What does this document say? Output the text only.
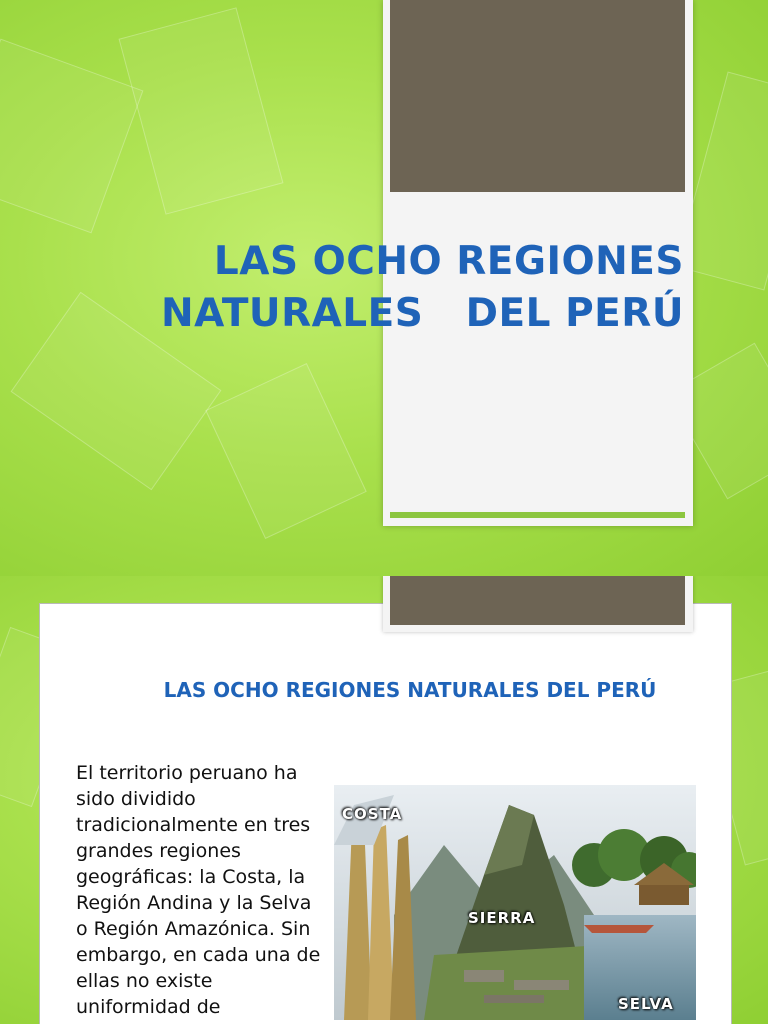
LAS OCHO REGIONES
NATURALES   DEL PERÚ
LAS OCHO REGIONES NATURALES DEL PERÚ

El territorio peruano ha sido dividido tradicionalmente en tres grandes regiones geográficas: la Costa, la Región Andina y la Selva o Región Amazónica. Sin embargo, en cada una de ellas no existe uniformidad de

COSTA
SIERRA
SELVA
